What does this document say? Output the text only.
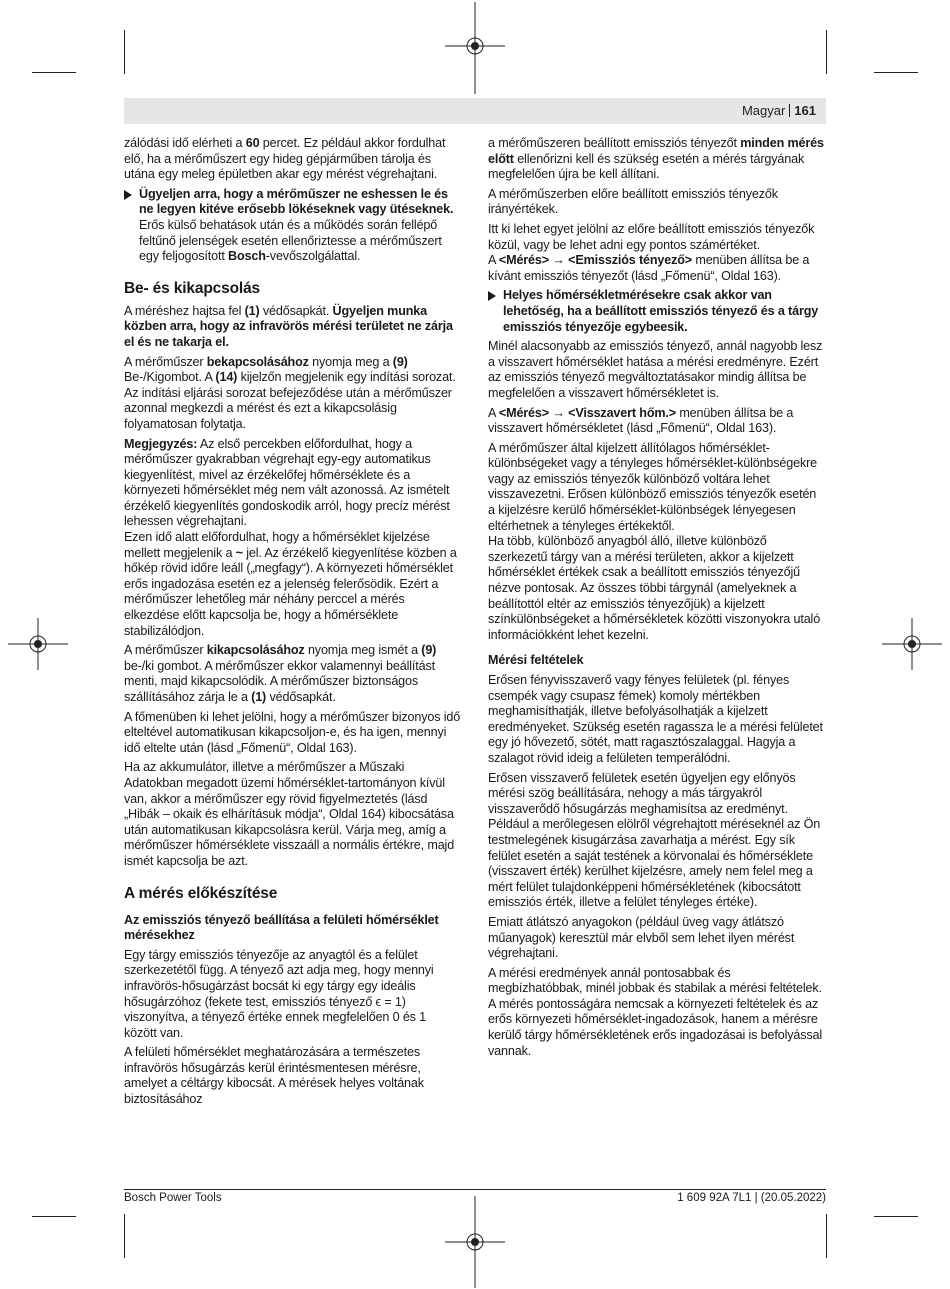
Magyar 161

zálódási idő elérheti a 60 percet. Ez például akkor fordulhat elő, ha a mérőműszert egy hideg gépjárműben tárolja és utána egy meleg épületben akar egy mérést végrehajtani.

Ügyeljen arra, hogy a mérőműszer ne eshessen le és ne legyen kitéve erősebb lökéseknek vagy ütéseknek. Erős külső behatások után és a működés során fellépő feltűnő jelenségek esetén ellenőriztesse a mérőműszert egy feljogosított Bosch-vevőszolgálattal.
Be- és kikapcsolás

A méréshez hajtsa fel (1) védősapkát. Ügyeljen munka közben arra, hogy az infravörös mérési területet ne zárja el és ne takarja el.

A mérőműszer bekapcsolásához nyomja meg a (9) Be-/Kigombot. A (14) kijelzőn megjelenik egy indítási sorozat. Az indítási eljárási sorozat befejeződése után a mérőműszer azonnal megkezdi a mérést és ezt a kikapcsolásig folyamatosan folytatja.

Megjegyzés: Az első percekben előfordulhat, hogy a mérőműszer gyakrabban végrehajt egy-egy automatikus kiegyenlítést, mivel az érzékelőfej hőmérséklete és a környezeti hőmérséklet még nem vált azonossá. Az ismételt érzékelő kiegyenlítés gondoskodik arról, hogy precíz mérést lehessen végrehajtani.

Ezen idő alatt előfordulhat, hogy a hőmérséklet kijelzése mellett megjelenik a ~ jel. Az érzékelő kiegyenlítése közben a hőkép rövid időre leáll („megfagy“). A környezeti hőmérséklet erős ingadozása esetén ez a jelenség felerősödik. Ezért a mérőműszer lehetőleg már néhány perccel a mérés elkezdése előtt kapcsolja be, hogy a hőmérséklete stabilizálódjon.

A mérőműszer kikapcsolásához nyomja meg ismét a (9) be-/ki gombot. A mérőműszer ekkor valamennyi beállítást menti, majd kikapcsolódik. A mérőműszer biztonságos szállításához zárja le a (1) védősapkát.

A főmenüben ki lehet jelölni, hogy a mérőműszer bizonyos idő elteltével automatikusan kikapcsoljon-e, és ha igen, mennyi idő eltelte után (lásd „Főmenü“, Oldal 163).

Ha az akkumulátor, illetve a mérőműszer a Műszaki Adatokban megadott üzemi hőmérséklet-tartományon kívül van, akkor a mérőműszer egy rövid figyelmeztetés (lásd „Hibák – okaik és elhárításuk módja“, Oldal 164) kibocsátása után automatikusan kikapcsolásra kerül. Várja meg, amíg a mérőműszer hőmérséklete visszaáll a normális értékre, majd ismét kapcsolja be azt.

A mérés előkészítése
Az emissziós tényező beállítása a felületi hőmérséklet mérésekhez

Egy tárgy emissziós tényezője az anyagtól és a felület szerkezetétől függ. A tényező azt adja meg, hogy mennyi infravörös-hősugárzást bocsát ki egy tárgy egy ideális hősugárzóhoz (fekete test, emissziós tényező ϵ = 1) viszonyítva, a tényező értéke ennek megfelelően 0 és 1 között van.

A felületi hőmérséklet meghatározására a természetes infravörös hősugárzás kerül érintésmentesen mérésre, amelyet a céltárgy kibocsát. A mérések helyes voltának biztosításához

a mérőműszeren beállított emissziós tényezőt minden mérés előtt ellenőrizni kell és szükség esetén a mérés tárgyának megfelelően újra be kell állítani.

A mérőműszerben előre beállított emissziós tényezők irányértékek.

Itt ki lehet egyet jelölni az előre beállított emissziós tényezők közül, vagy be lehet adni egy pontos számértéket.

A <Mérés> → <Emissziós tényező> menüben állítsa be a kívánt emissziós tényezőt (lásd „Főmenü“, Oldal 163).

Helyes hőmérsékletmérésekre csak akkor van lehetőség, ha a beállított emissziós tényező és a tárgy emissziós tényezője egybeesik.

Minél alacsonyabb az emissziós tényező, annál nagyobb lesz a visszavert hőmérséklet hatása a mérési eredményre. Ezért az emissziós tényező megváltoztatásakor mindig állítsa be megfelelően a visszavert hőmérsékletet is.

A <Mérés> → <Visszavert hőm.> menüben állítsa be a visszavert hőmérsékletet (lásd „Főmenü“, Oldal 163).

A mérőműszer által kijelzett állítólagos hőmérséklet-különbségeket vagy a tényleges hőmérséklet-különbségekre vagy az emissziós tényezők különböző voltára lehet visszavezetni. Erősen különböző emissziós tényezők esetén a kijelzésre kerülő hőmérséklet-különbségek lényegesen eltérhetnek a tényleges értékektől.

Ha több, különböző anyagból álló, illetve különböző szerkezetű tárgy van a mérési területen, akkor a kijelzett hőmérséklet értékek csak a beállított emissziós tényezőjű nézve pontosak. Az összes többi tárgynál (amelyeknek a beállítottól eltér az emissziós tényezőjük) a kijelzett színkülönbségeket a hőmérsékletek közötti viszonyokra utaló információkként lehet kezelni.

Mérési feltételek

Erősen fényvisszaverő vagy fényes felületek (pl. fényes csempék vagy csupasz fémek) komoly mértékben meghamisíthatják, illetve befolyásolhatják a kijelzett eredményeket. Szükség esetén ragassza le a mérési felületet egy jó hővezető, sötét, matt ragasztószalaggal. Hagyja a szalagot rövid ideig a felületen temperálódni.

Erősen visszaverő felületek esetén ügyeljen egy előnyös mérési szög beállítására, nehogy a más tárgyakról visszaverődő hősugárzás meghamisítsa az eredményt. Például a merőlegesen elölről végrehajtott méréseknél az Ön testmelegének kisugárzása zavarhatja a mérést. Egy sík felület esetén a saját testének a körvonalai és hőmérséklete (visszavert érték) kerülhet kijelzésre, amely nem felel meg a mért felület tulajdonképpeni hőmérsékletének (kibocsátott emissziós érték, illetve a felület tényleges értéke).

Emiatt átlátszó anyagokon (például üveg vagy átlátszó műanyagok) keresztül már elvből sem lehet ilyen mérést végrehajtani.

A mérési eredmények annál pontosabbak és megbízhatóbbak, minél jobbak és stabilak a mérési feltételek. A mérés pontosságára nemcsak a környezeti feltételek és az erős környezeti hőmérséklet-ingadozások, hanem a mérésre kerülő tárgy hőmérsékletének erős ingadozásai is befolyással vannak.

Bosch Power Tools	1 609 92A 7L1 | (20.05.2022)
